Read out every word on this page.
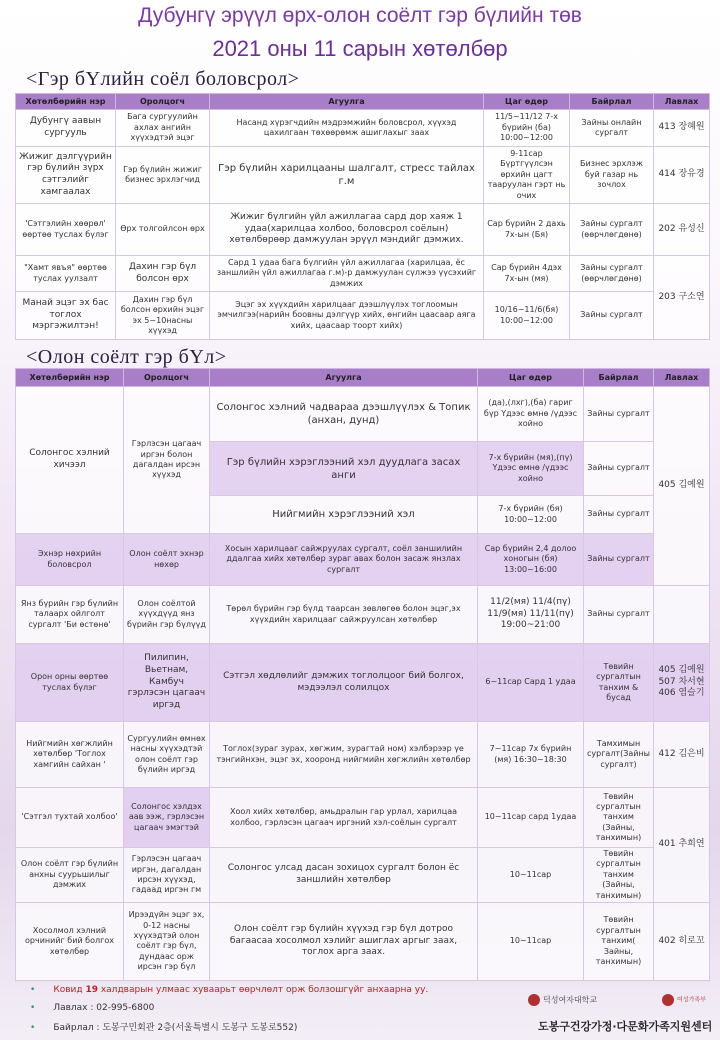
Дубунгү эрүүл өрх-олон соёлт гэр бүлийн төв
2021 оны 11 сарын хөтөлбөр
<Гэр бҮлийн соёл боловсрол>
Хөтөлбөрийн нэр	Оролцогч	Агуулга	Цаг өдөр	Байрлал	Лавлах
Дубунгү аавын сургууль	Бага сургуулийн ахлах ангийн хүүхэдтэй эцэг	Насанд хүрэгчдийн мэдрэмжийн боловсрол, хүүхэд цахилгаан төхөөрөмж ашиглахыг заах	11/5~11/12 7-х бүрийн (ба) 10:00~12:00	Зайны онлайн сургалт	413 장혜원
Жижиг дэлгүүрийн гэр бүлийн зүрх сэтгэлийг хамгаалах	Гэр бүлийн жижиг бизнес эрхлэгчид	Гэр бүлийн харилцааны шалгалт, стресс тайлах г.м	9-11сар Бүртгүүлсэн өрхийн цагт тааруулан гэрт нь очих	Бизнес эрхлэж буй газар нь зочлох	414 장유경
'Сэтгэлийн хөөрөл' өөртөө туслах бүлэг	Өрх толгойлсон өрх	Жижиг бүлгийн үйл ажиллагаа сард дор хаяж 1 удаа(харилцаа холбоо, боловсрол соёлын) хөтөлбөрөөр дамжуулан эрүүл мэндийг дэмжих.	Сар бүрийн 2 дахь 7х-ын (Бя)	Зайны сургалт (өөрчлөгдөнө)	202 유성신
"Хамт явъя" өөртөө туслах уулзалт	Дахин гэр бүл болсон өрх	Сард 1 удаа бага бүлгийн үйл ажиллагаа (харилцаа, ёс заншлийн үйл ажиллагаа г.м)-р дамжуулан сүлжээ үүсэхийг дэмжих	Сар бүрийн 4дэх 7х-ын (мя)	Зайны сургалт (өөрчлөгдөнө)	203 구소연
Манай эцэг эх бас тоглох мэргэжилтэн!	Дахин гэр бүл болсон өрхийн эцэг эх 5~10насны хүүхэд	Эцэг эх хүүхдийн харилцааг дээшлүүлэх тоглоомын эмчилгээ(нарийн боовны дэлгүүр хийх, өнгийн цаасаар аяга хийх, цаасаар тоорт хийх)	10/16~11/6(бя) 10:00~12:00	Зайны сургалт	
<Олон соёлт гэр бҮл>
Хөтөлбөрийн нэр	Оролцогч	Агуулга	Цаг өдөр	Байрлал	Лавлах
Солонгос хэлний хичээл	Гэрлэсэн цагаач иргэн болон дагалдан ирсэн хүүхэд	Солонгос хэлний чадвараа дээшлүүлэх & Топик (анхан, дунд)	(да),(лхг),(ба) гариг бүр Үдээс өмнө /үдээс хойно	Зайны сургалт	405 김예원
		Гэр бүлийн хэрэглээний хэл дуудлага засах анги	7-х бүрийн (мя),(пү) Үдээс өмнө /үдээс хойно	Зайны сургалт	
		Нийгмийн хэрэглээний хэл	7-х бүрийн (бя) 10:00~12:00	Зайны сургалт	
Эхнэр нөхрийн боловсрол	Олон соёлт эхнэр нөхөр	Хосын харилцааг сайжруулах сургалт, соёл заншилийн ддалгаа хийх хөтөлбөр зураг авах болон засаж янзлах сургалт	Сар бүрийн 2,4 долоо хоногын (бя) 13:00~16:00	Зайны сургалт	
Янз бүрийн гэр бүлийн талаарх ойлголт сургалт 'Би өстөнө'	Олон соёлтой хүүхдүүд янз бүрийн гэр бүлүүд	Төрөл бүрийн гэр бүлд таарсан зөвлөгөө болон эцэг,эх хүүхдийн харилцааг сайжруулсан хөтөлбөр	11/2(мя) 11/4(пү) 11/9(мя) 11/11(пү) 19:00~21:00	Зайны сургалт	
Орон орны өөртөө туслах бүлэг	Пилипин, Вьетнам, Камбуч гэрлэсэн цагаач иргэд	Сэтгэл хөдлөлийг дэмжих тоглолцоог бий болгох, мэдээлэл солилцох	6~11сар Сард 1 удаа	Төвийн сургалтын танхим & бусад	405 김예원 507 차서현 406 염슬기
Нийгмийн хөгжлийн хөтөлбөр 'Тоглох хамгийн сайхан '	Сургуулийн өмнөх насны хүүхэдтэй олон соёлт гэр бүлийн иргэд	Тоглох(зураг зурах, хөгжим, зурагтай ном) хэлбэрээр үе тэнгийнхэн, эцэг эх, хооронд нийгмийн хөгжлийн хөтөлбөр	7~11сар 7х бүрийн (мя) 16:30~18:30	Тамхимын сургалт(Зайны сургалт)	412 김은비
'Сэтгэл тухтай холбоо'	Солонгос хэлдэх аав ээж, гэрлэсэн цагаач эмэгтэй	Хоол хийх хөтөлбөр, амьдралын гар урлал, харилцаа холбоо, гэрлэсэн цагаач иргэний хэл-соёлын сургалт	10~11сар сард 1удаа	Төвийн сургалтын танхим (Зайны, танхимын)	401 추희연
Олон соёлт гэр бүлийн анхны суурьшилыг дэмжих	Гэрлэсэн цагаач иргэн, дагалдан ирсэн хүүхэд, гадаад иргэн гм	Солонгос улсад дасан зохицох сургалт болон ёс заншлийн хөтөлбөр	10~11сар	Төвийн сургалтын танхим (Зайны, танхимын)	
Хосолмол хэлний орчинийг бий болгох хөтөлбөр	Ирээдүйн эцэг эх, 0-12 насны хүүхэдтэй олон соёлт гэр бүл, дундаас орж ирсэн гэр бүл	Олон соёлт гэр бүлийн хүүхэд гэр бүл дотроо багаасаа хосолмол хэлийг ашиглах аргыг заах, тоглох арга заах.	10~11сар	Төвийн сургалтын танхим( Зайны, танхимын)	402 히로꼬
• Ковид 19 халдварын улмаас хуваарьт өөрчлөлт орж болзошгүйг анхаарна уу.
• Лавлах : 02-995-6800
• Байрлал : 도봉구민회관 2층(서울특별시 도봉구 도봉로552)
덕성여자대학교	여성가족부
도봉구건강가정·다문화가족지원센터
